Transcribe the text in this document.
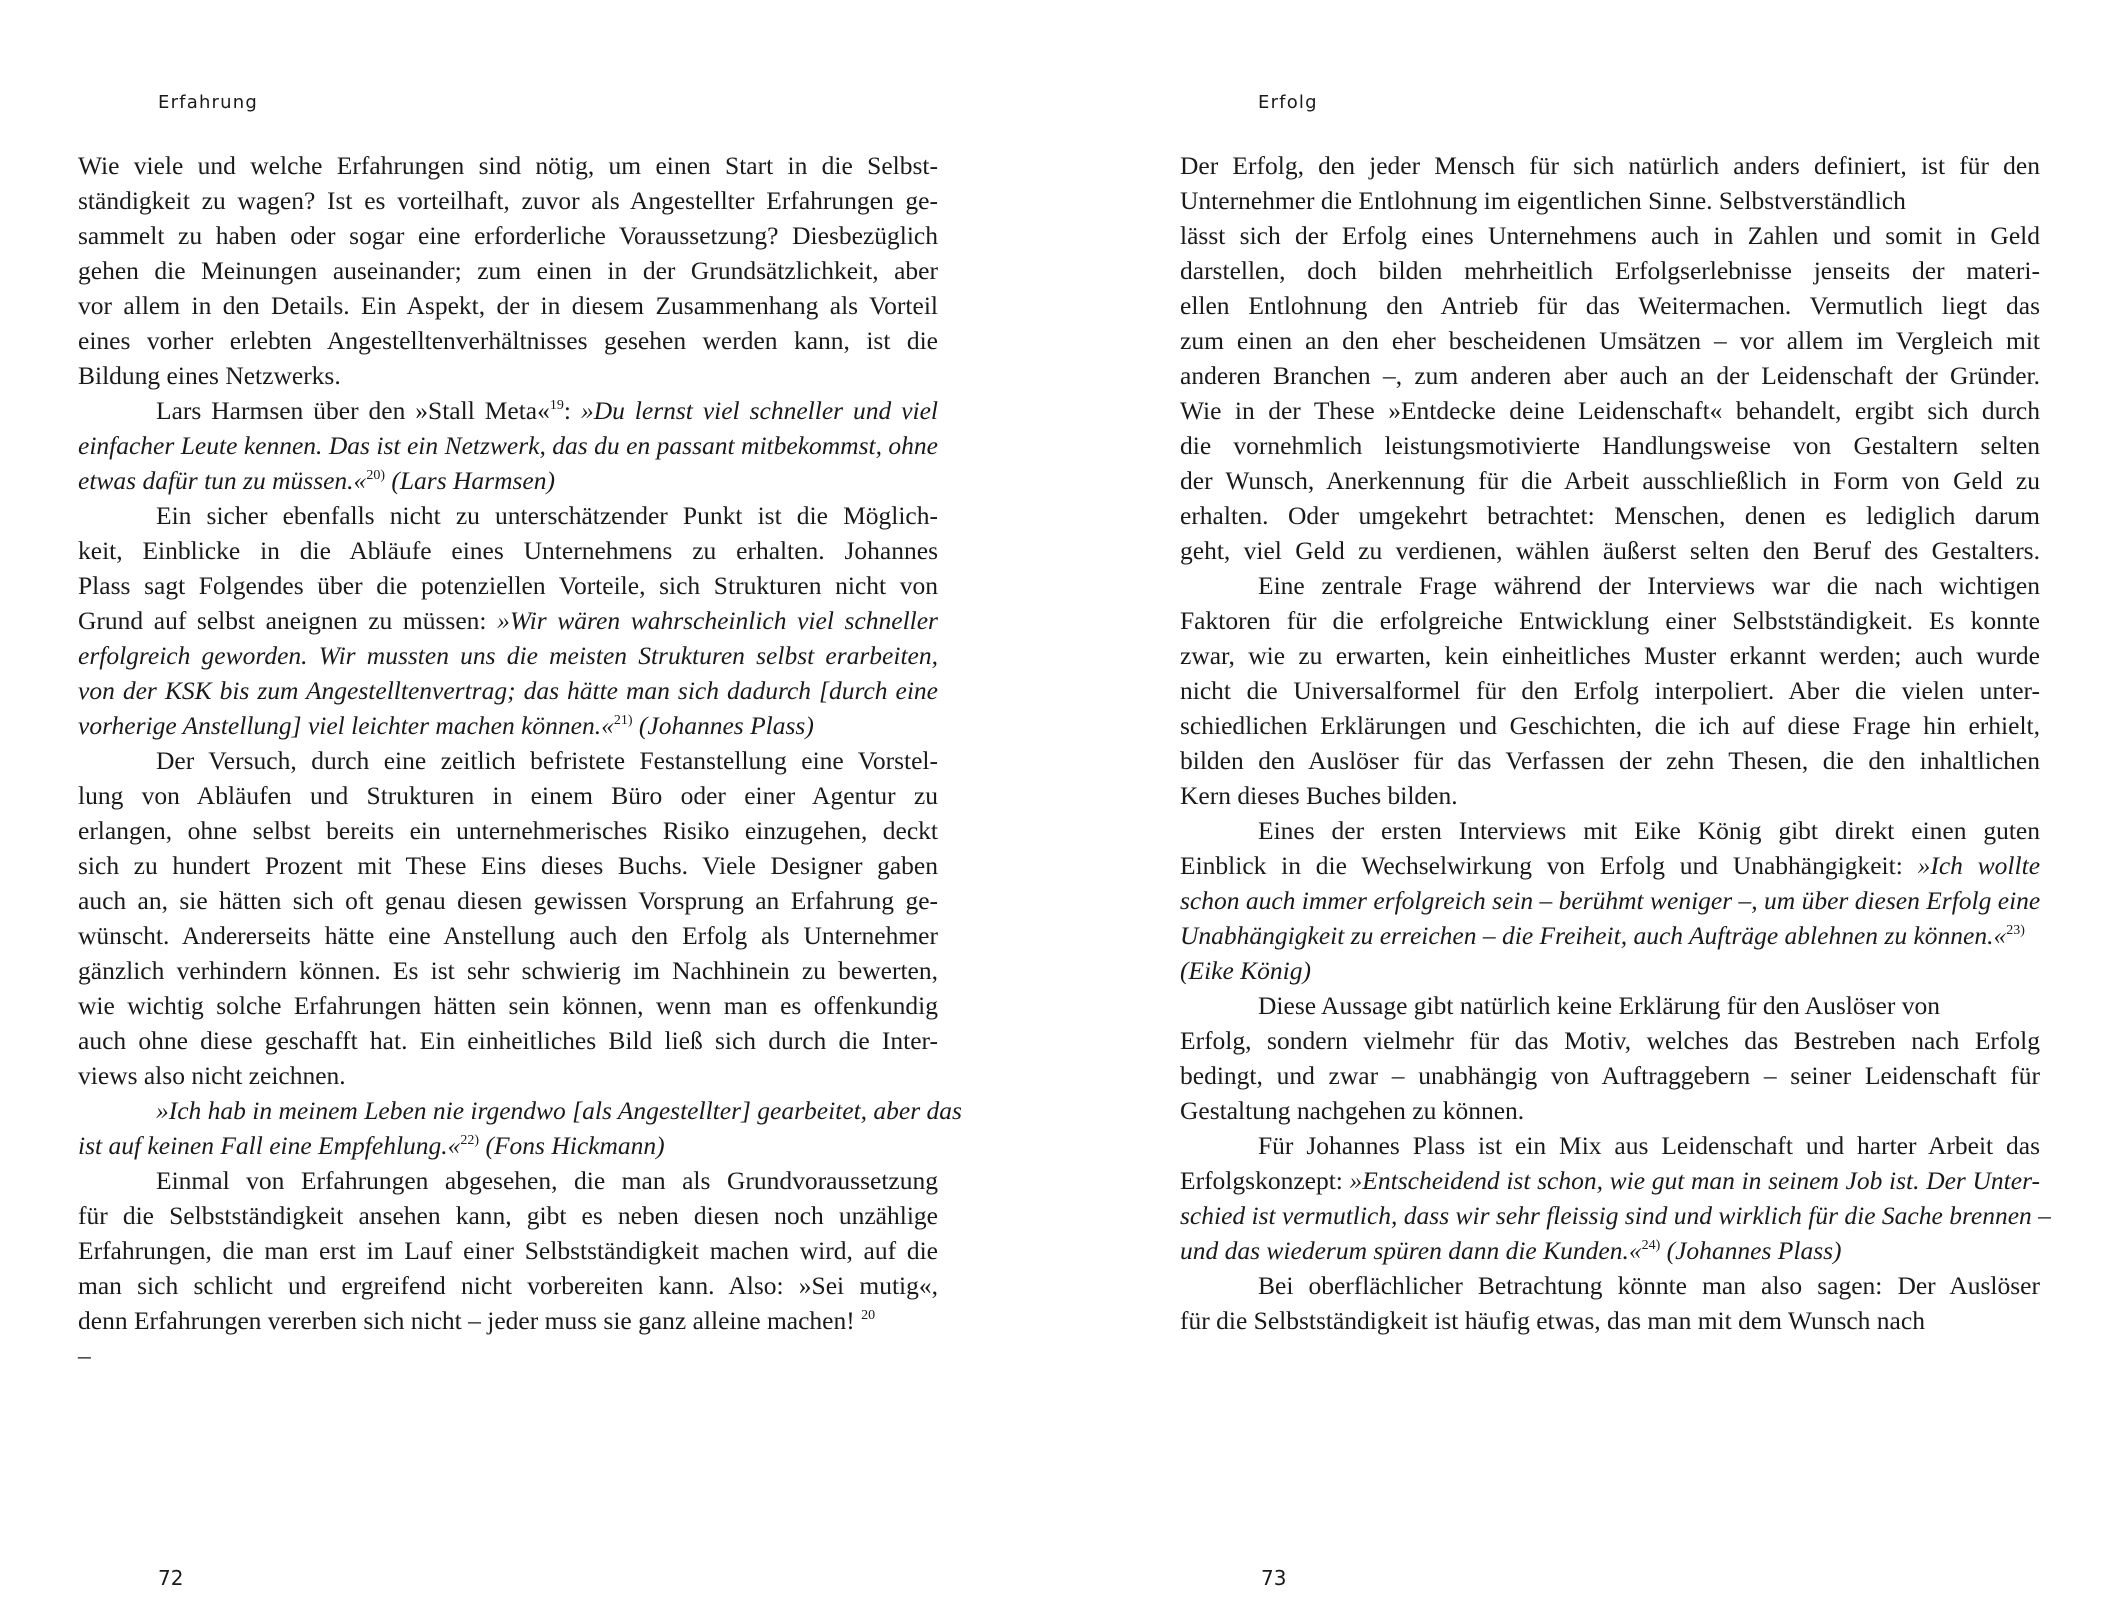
Erfahrung
Wie viele und welche Erfahrungen sind nötig, um einen Start in die Selbst-
ständigkeit zu wagen? Ist es vorteilhaft, zuvor als Angestellter Erfahrungen ge-
sammelt zu haben oder sogar eine erforderliche Voraussetzung? Diesbezüglich
gehen die Meinungen auseinander; zum einen in der Grundsätzlichkeit, aber
vor allem in den Details. Ein Aspekt, der in diesem Zusammenhang als Vorteil
eines vorher erlebten Angestelltenverhältnisses gesehen werden kann, ist die
Bildung eines Netzwerks.
Lars Harmsen über den »Stall Meta«$^{19}$: »Du lernst viel schneller und viel
einfacher Leute kennen. Das ist ein Netzwerk, das du en passant mitbekommst, ohne
etwas dafür tun zu müssen.«$^{20)}$ (Lars Harmsen)
Ein sicher ebenfalls nicht zu unterschätzender Punkt ist die Möglich-
keit, Einblicke in die Abläufe eines Unternehmens zu erhalten. Johannes
Plass sagt Folgendes über die potenziellen Vorteile, sich Strukturen nicht von
Grund auf selbst aneignen zu müssen: »Wir wären wahrscheinlich viel schneller
erfolgreich geworden. Wir mussten uns die meisten Strukturen selbst erarbeiten,
von der KSK bis zum Angestelltenvertrag; das hätte man sich dadurch [durch eine
vorherige Anstellung] viel leichter machen können.«$^{21)}$ (Johannes Plass)
Der Versuch, durch eine zeitlich befristete Festanstellung eine Vorstel-
lung von Abläufen und Strukturen in einem Büro oder einer Agentur zu
erlangen, ohne selbst bereits ein unternehmerisches Risiko einzugehen, deckt
sich zu hundert Prozent mit These Eins dieses Buchs. Viele Designer gaben
auch an, sie hätten sich oft genau diesen gewissen Vorsprung an Erfahrung ge-
wünscht. Andererseits hätte eine Anstellung auch den Erfolg als Unternehmer
gänzlich verhindern können. Es ist sehr schwierig im Nachhinein zu bewerten,
wie wichtig solche Erfahrungen hätten sein können, wenn man es offenkundig
auch ohne diese geschafft hat. Ein einheitliches Bild ließ sich durch die Inter-
views also nicht zeichnen.
»Ich hab in meinem Leben nie irgendwo [als Angestellter] gearbeitet, aber das
ist auf keinen Fall eine Empfehlung.«$^{22)}$ (Fons Hickmann)
Einmal von Erfahrungen abgesehen, die man als Grundvoraussetzung
für die Selbstständigkeit ansehen kann, gibt es neben diesen noch unzählige
Erfahrungen, die man erst im Lauf einer Selbstständigkeit machen wird, auf die
man sich schlicht und ergreifend nicht vorbereiten kann. Also: »Sei mutig«,
denn Erfahrungen vererben sich nicht – jeder muss sie ganz alleine machen! $^{20}$
–
72
Erfolg
Der Erfolg, den jeder Mensch für sich natürlich anders definiert, ist für den
Unternehmer die Entlohnung im eigentlichen Sinne. Selbstverständlich
lässt sich der Erfolg eines Unternehmens auch in Zahlen und somit in Geld
darstellen, doch bilden mehrheitlich Erfolgserlebnisse jenseits der materi-
ellen Entlohnung den Antrieb für das Weitermachen. Vermutlich liegt das
zum einen an den eher bescheidenen Umsätzen – vor allem im Vergleich mit
anderen Branchen –, zum anderen aber auch an der Leidenschaft der Gründer.
Wie in der These »Entdecke deine Leidenschaft« behandelt, ergibt sich durch
die vornehmlich leistungsmotivierte Handlungsweise von Gestaltern selten
der Wunsch, Anerkennung für die Arbeit ausschließlich in Form von Geld zu
erhalten. Oder umgekehrt betrachtet: Menschen, denen es lediglich darum
geht, viel Geld zu verdienen, wählen äußerst selten den Beruf des Gestalters.
Eine zentrale Frage während der Interviews war die nach wichtigen
Faktoren für die erfolgreiche Entwicklung einer Selbstständigkeit. Es konnte
zwar, wie zu erwarten, kein einheitliches Muster erkannt werden; auch wurde
nicht die Universalformel für den Erfolg interpoliert. Aber die vielen unter-
schiedlichen Erklärungen und Geschichten, die ich auf diese Frage hin erhielt,
bilden den Auslöser für das Verfassen der zehn Thesen, die den inhaltlichen
Kern dieses Buches bilden.
Eines der ersten Interviews mit Eike König gibt direkt einen guten
Einblick in die Wechselwirkung von Erfolg und Unabhängigkeit: »Ich wollte
schon auch immer erfolgreich sein – berühmt weniger –, um über diesen Erfolg eine
Unabhängigkeit zu erreichen – die Freiheit, auch Aufträge ablehnen zu können.«$^{23)}$
(Eike König)
Diese Aussage gibt natürlich keine Erklärung für den Auslöser von
Erfolg, sondern vielmehr für das Motiv, welches das Bestreben nach Erfolg
bedingt, und zwar – unabhängig von Auftraggebern – seiner Leidenschaft für
Gestaltung nachgehen zu können.
Für Johannes Plass ist ein Mix aus Leidenschaft und harter Arbeit das
Erfolgskonzept: »Entscheidend ist schon, wie gut man in seinem Job ist. Der Unter-
schied ist vermutlich, dass wir sehr fleissig sind und wirklich für die Sache brennen –
und das wiederum spüren dann die Kunden.«$^{24)}$ (Johannes Plass)
Bei oberflächlicher Betrachtung könnte man also sagen: Der Auslöser
für die Selbstständigkeit ist häufig etwas, das man mit dem Wunsch nach
73
